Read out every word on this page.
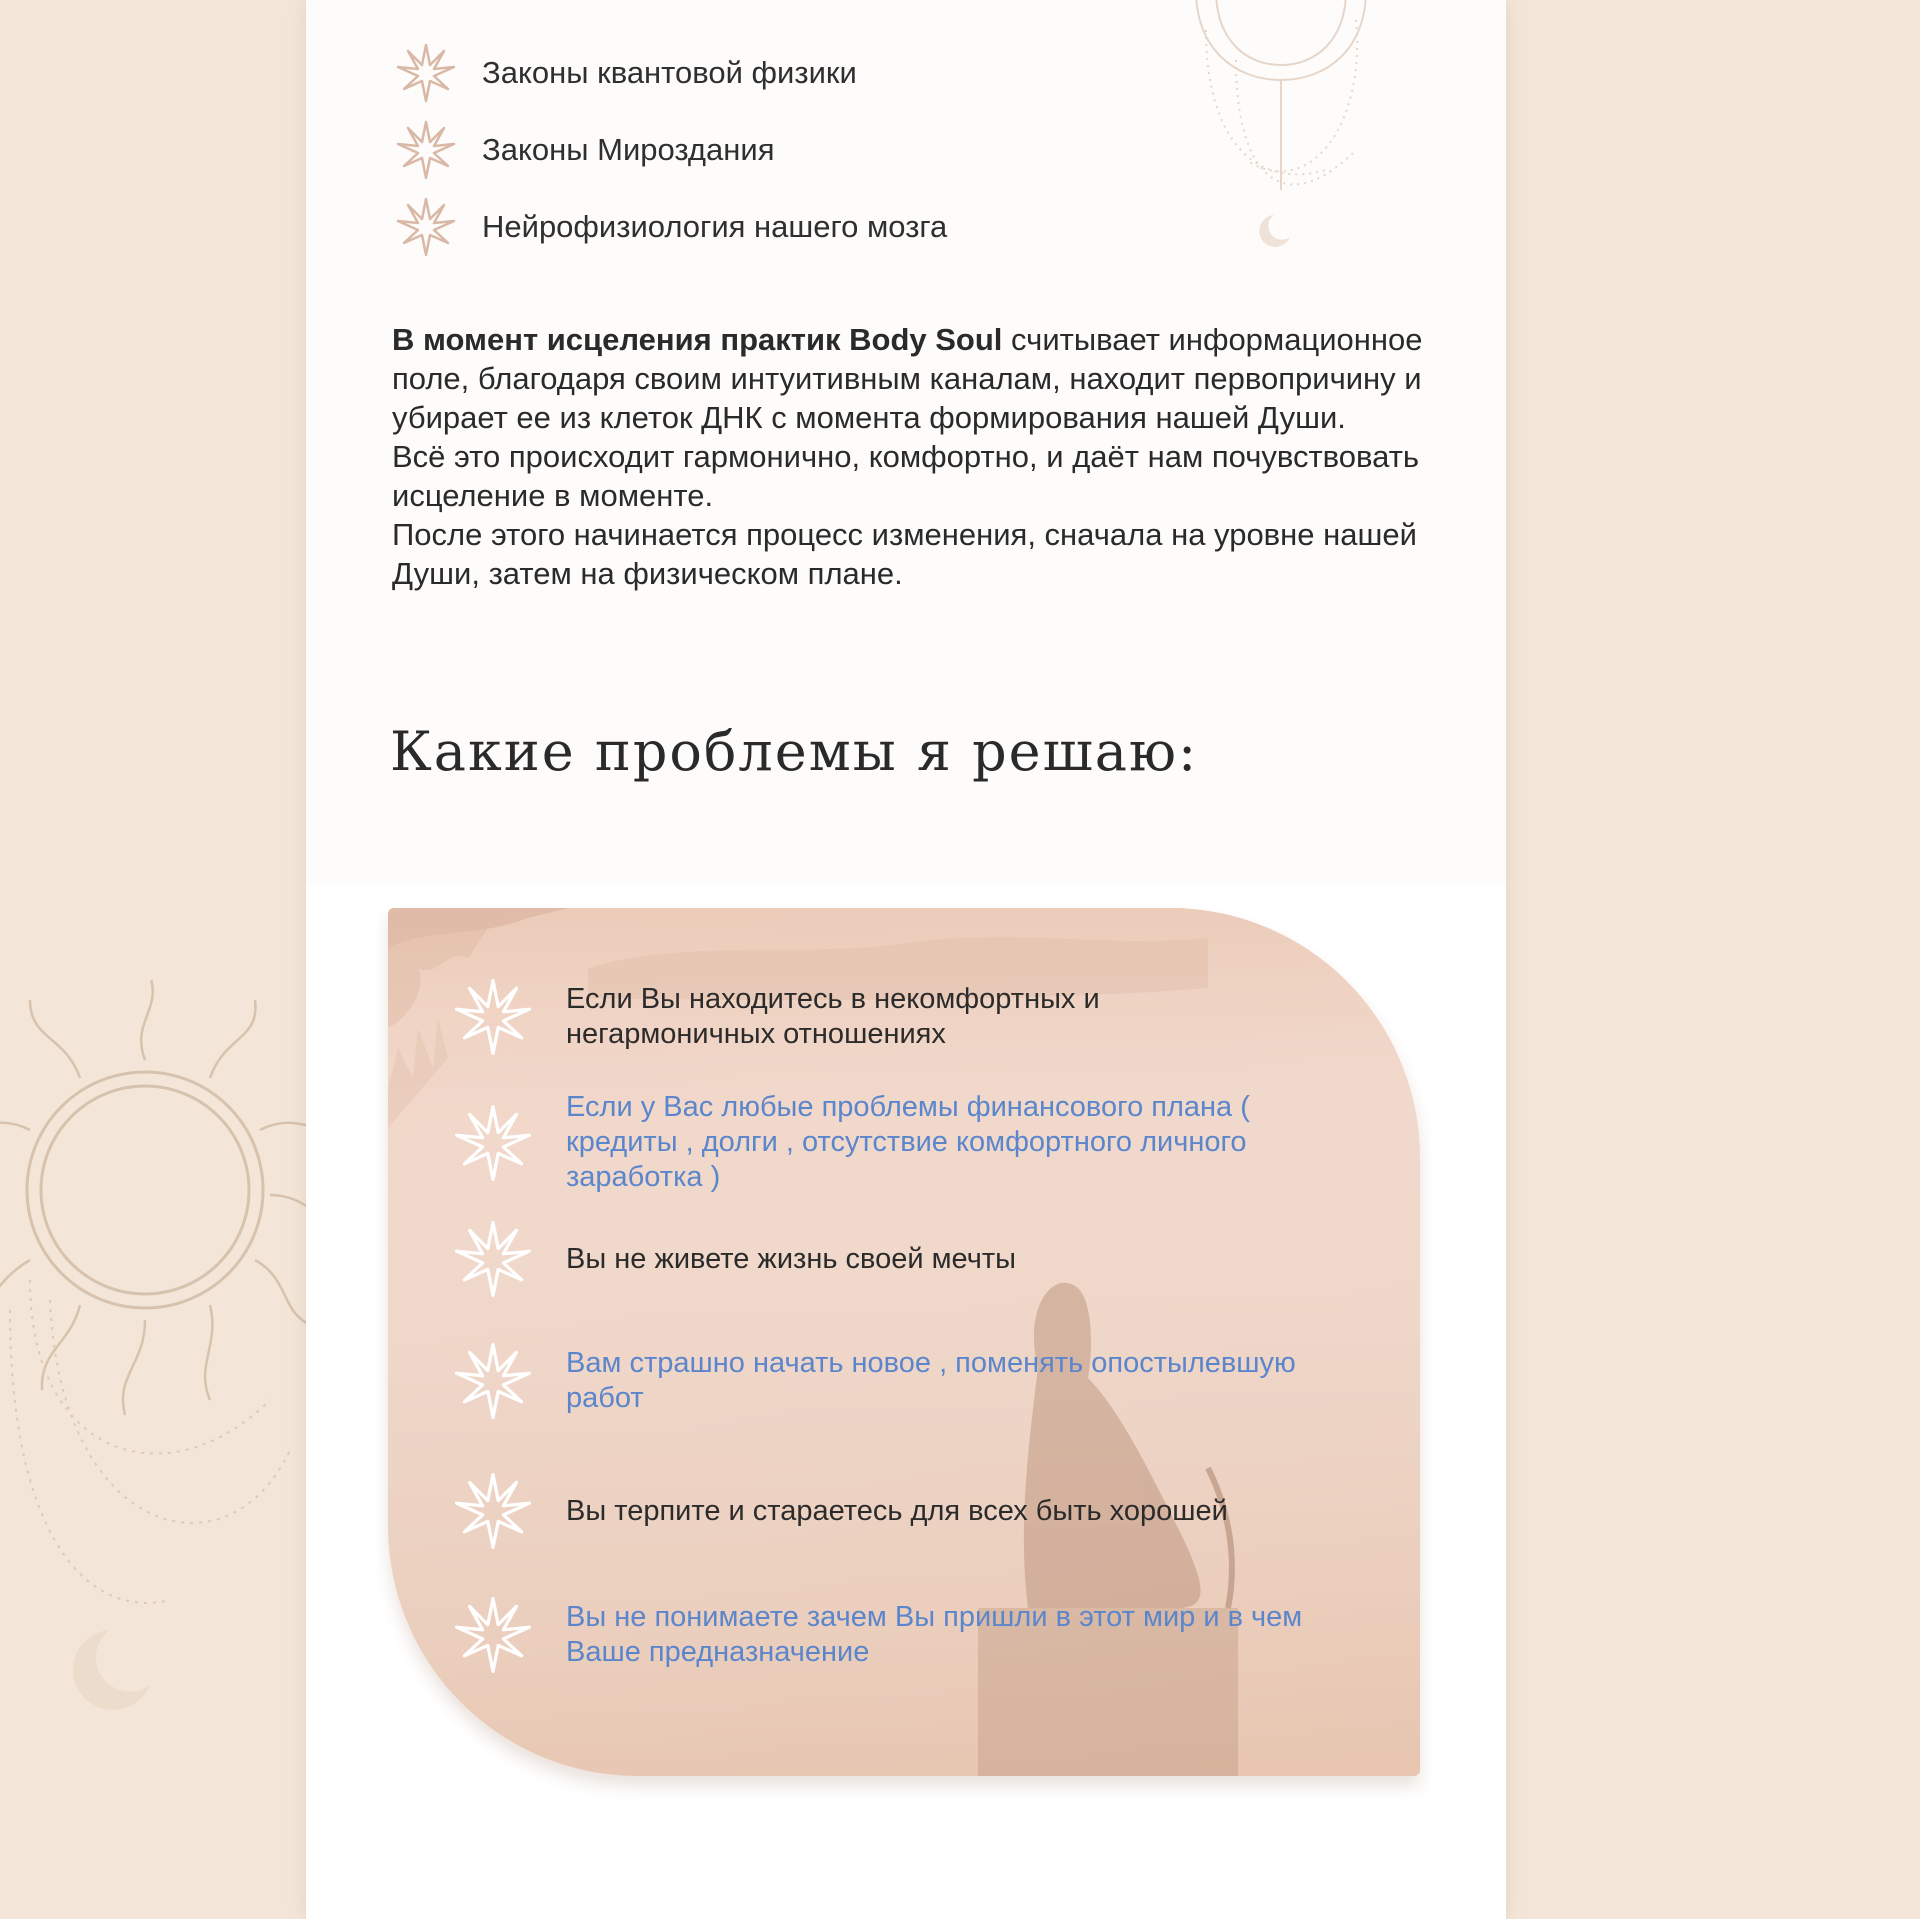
Законы квантовой физики
Законы Мироздания
Нейрофизиология нашего мозга

В момент исцеления практик Body Soul считывает информационное поле, благодаря своим интуитивным каналам, находит первопричину и убирает ее из клеток ДНК с момента формирования нашей Души.

Всё это происходит гармонично, комфортно, и даёт нам почувствовать исцеление в моменте.

После этого начинается процесс изменения, сначала на уровне нашей Души, затем на физическом плане.

Какие проблемы я решаю:
Если Вы находитесь в некомфортных и негармоничных отношениях
Если у Вас любые проблемы финансового плана ( кредиты , долги , отсутствие комфортного личного заработка )
Вы не живете жизнь своей мечты
Вам страшно начать новое , поменять опостылевшую работ
Вы терпите и стараетесь для всех быть хорошей
Вы не понимаете зачем Вы пришли в этот мир и в чем Ваше предназначение
